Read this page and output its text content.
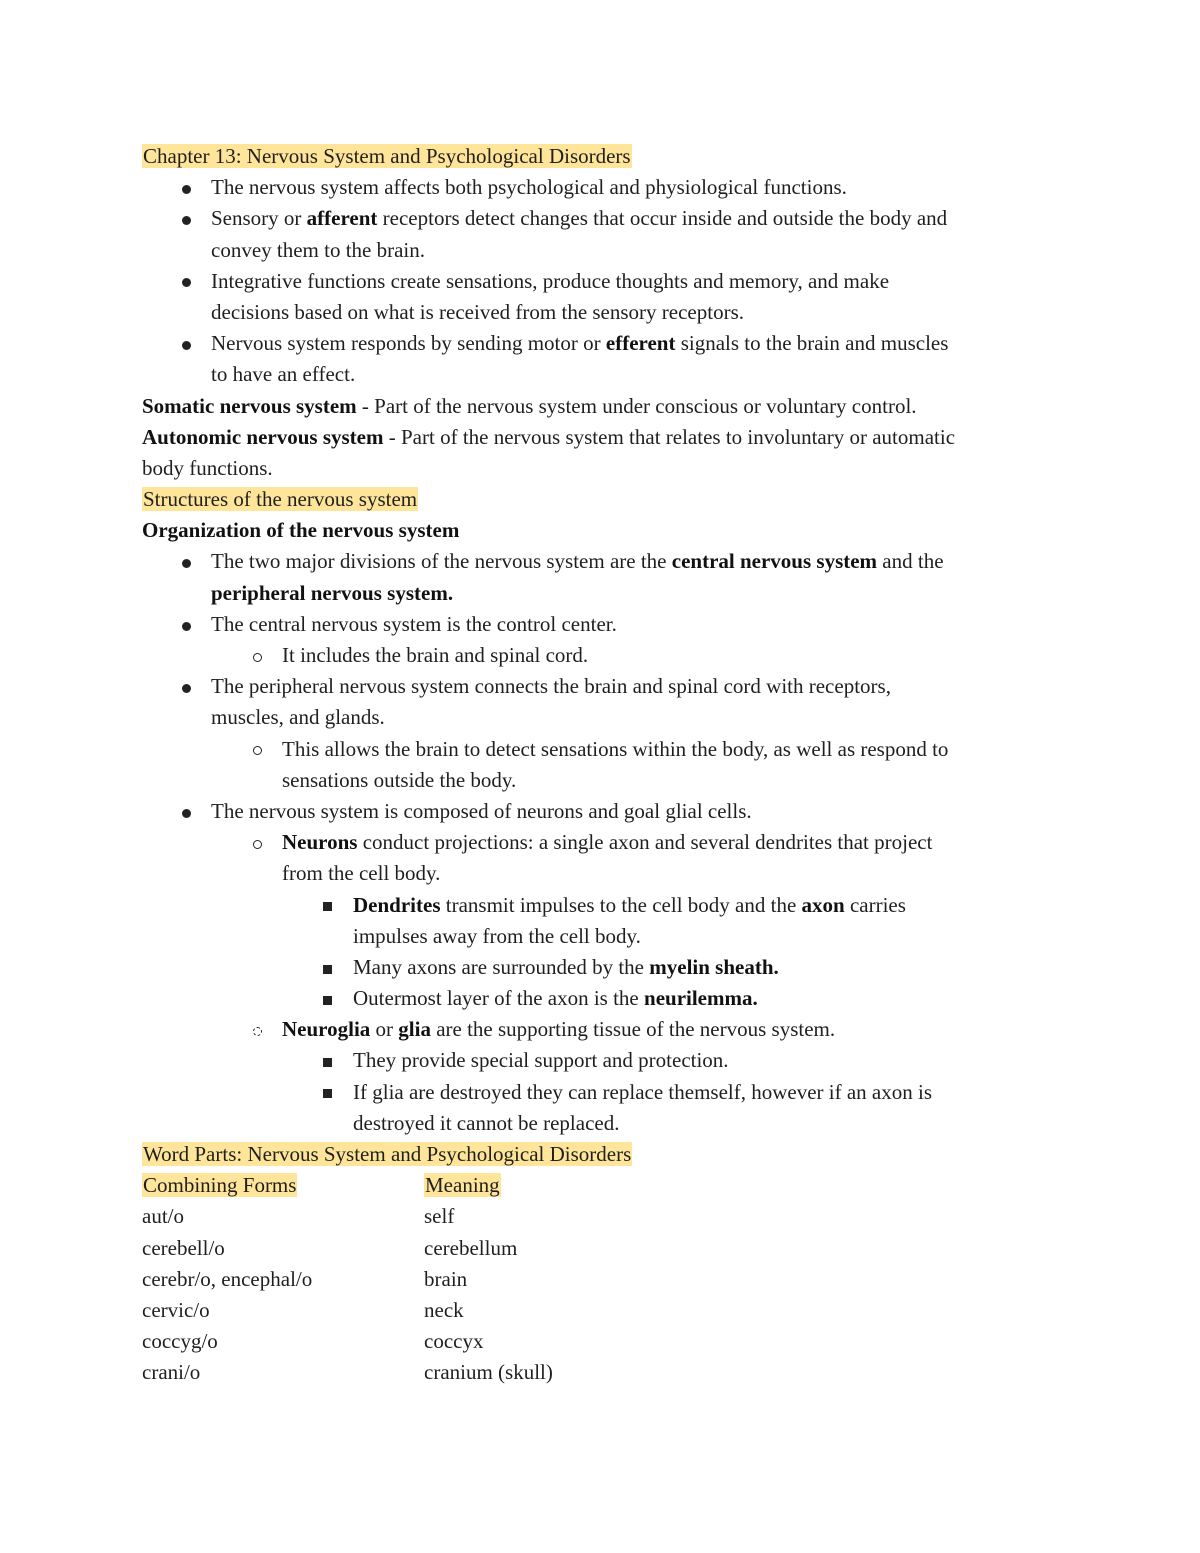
Chapter 13: Nervous System and Psychological Disorders
The nervous system affects both psychological and physiological functions.
Sensory or afferent receptors detect changes that occur inside and outside the body and
convey them to the brain.
Integrative functions create sensations, produce thoughts and memory, and make
decisions based on what is received from the sensory receptors.
Nervous system responds by sending motor or efferent signals to the brain and muscles
to have an effect.
Somatic nervous system - Part of the nervous system under conscious or voluntary control.
Autonomic nervous system - Part of the nervous system that relates to involuntary or automatic
body functions.
Structures of the nervous system
Organization of the nervous system
The two major divisions of the nervous system are the central nervous system and the
peripheral nervous system.
The central nervous system is the control center.
It includes the brain and spinal cord.
The peripheral nervous system connects the brain and spinal cord with receptors,
muscles, and glands.
This allows the brain to detect sensations within the body, as well as respond to
sensations outside the body.
The nervous system is composed of neurons and goal glial cells.
Neurons conduct projections: a single axon and several dendrites that project
from the cell body.
Dendrites transmit impulses to the cell body and the axon carries
impulses away from the cell body.
Many axons are surrounded by the myelin sheath.
Outermost layer of the axon is the neurilemma.
Neuroglia or glia are the supporting tissue of the nervous system.
They provide special support and protection.
If glia are destroyed they can replace themself, however if an axon is
destroyed it cannot be replaced.
Word Parts: Nervous System and Psychological Disorders
Combining Forms	Meaning
aut/o	self
cerebell/o	cerebellum
cerebr/o, encephal/o	brain
cervic/o	neck
coccyg/o	coccyx
crani/o	cranium (skull)
